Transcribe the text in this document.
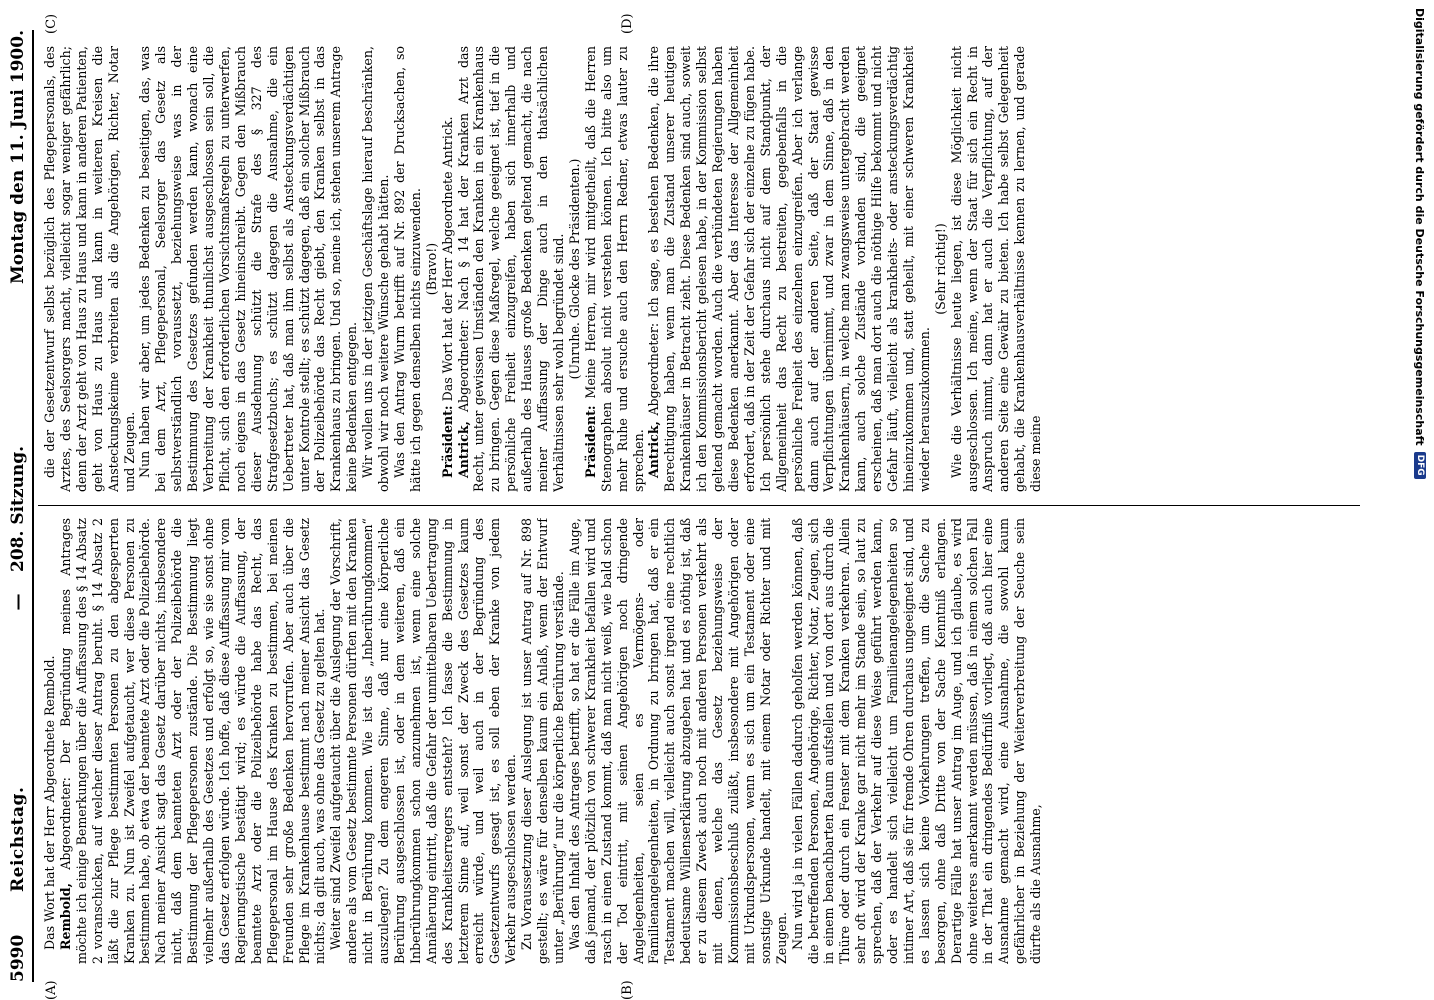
5990
Reichstag.
—
208. Sitzung.
Montag den 11. Juni 1900.
(A)	(B)
(C)	(D)

Das Wort hat der Herr Abgeordnete Rembold. Rembold, Abgeordneter: Der Begründung meines Antrages möchte ich einige Bemerkungen über die Auffassung des § 14 Absatz 2 voranschicken, auf welcher dieser Antrag beruht. § 14 Absatz 2 läßt die zur Pflege bestimmten Personen zu den abgesperrten Kranken zu. Nun ist Zweifel aufgetaucht, wer diese Personen zu bestimmen habe, ob etwa der beamtete Arzt oder die Polizeibehörde. Nach meiner Ansicht sagt das Gesetz darüber nichts, insbesondere nicht, daß dem beamteten Arzt oder der Polizeibehörde die Bestimmung der Pflegepersonen zustände. Die Bestimmung liegt vielmehr außerhalb des Gesetzes und erfolgt so, wie sie sonst ohne das Gesetz erfolgen würde. Ich hoffe, daß diese Auffassung mir vom Regierungstische bestätigt wird; es würde die Auffassung, der beamtete Arzt oder die Polizeibehörde habe das Recht, das Pflegepersonal im Hause des Kranken zu bestimmen, bei meinen Freunden sehr große Bedenken hervorrufen. Aber auch über die Pflege im Krankenhause bestimmt nach meiner Ansicht das Gesetz nichts; da gilt auch, was ohne das Gesetz zu gelten hat. Weiter sind Zweifel aufgetaucht über die Auslegung der Vorschrift, andere als vom Gesetz bestimmte Personen dürften mit den Kranken nicht in Berührung kommen. Wie ist das „Inberührungkommen“ auszulegen? Zu dem engeren Sinne, daß nur eine körperliche Berührung ausgeschlossen ist, oder in dem weiteren, daß ein Inberührungkommen schon anzunehmen ist, wenn eine solche Annäherung eintritt, daß die Gefahr der unmittelbaren Uebertragung des Krankheitserregers entsteht? Ich fasse die Bestimmung in letzterem Sinne auf, weil sonst der Zweck des Gesetzes kaum erreicht würde, und weil auch in der Begründung des Gesetzentwurfs gesagt ist, es soll eben der Kranke von jedem Verkehr ausgeschlossen werden. Zu Voraussetzung dieser Auslegung ist unser Antrag auf Nr. 898 gestellt; es wäre für denselben kaum ein Anlaß, wenn der Entwurf unter „Berührung“ nur die körperliche Berührung verstände. Was den Inhalt des Antrages betrifft, so hat er die Fälle im Auge, daß jemand, der plötzlich von schwerer Krankheit befallen wird und rasch in einen Zustand kommt, daß man nicht weiß, wie bald schon der Tod eintritt, mit seinen Angehörigen noch dringende Angelegenheiten, seien es Vermögens- oder Familienangelegenheiten, in Ordnung zu bringen hat, daß er ein Testament machen will, vielleicht auch sonst irgend eine rechtlich bedeutsame Willenserklärung abzugeben hat und es nöthig ist, daß er zu diesem Zweck auch noch mit anderen Personen verkehrt als mit denen, welche das Gesetz beziehungsweise der Kommissionsbeschluß zuläßt, insbesondere mit Angehörigen oder mit Urkundspersonen, wenn es sich um ein Testament oder eine sonstige Urkunde handelt, mit einem Notar oder Richter und mit Zeugen. Nun wird ja in vielen Fällen dadurch geholfen werden können, daß die betreffenden Personen, Angehörige, Richter, Notar, Zeugen, sich in einem benachbarten Raum aufstellen und von dort aus durch die Thüre oder durch ein Fenster mit dem Kranken verkehren. Allein sehr oft wird der Kranke gar nicht mehr im Stande sein, so laut zu sprechen, daß der Verkehr auf diese Weise geführt werden kann, oder es handelt sich vielleicht um Familienangelegenheiten so intimer Art, daß sie für fremde Ohren durchaus ungeeignet sind, und es lassen sich keine Vorkehrungen treffen, um die Sache zu besorgen, ohne daß Dritte von der Sache Kenntniß erlangen. Derartige Fälle hat unser Antrag im Auge, und ich glaube, es wird ohne weiteres anerkannt werden müssen, daß in einem solchen Fall in der That ein dringendes Bedürfniß vorliegt, daß auch hier eine Ausnahme gemacht wird, eine Ausnahme, die sowohl kaum gefährlicher in Beziehung der Weiterverbreitung der Seuche sein dürfte als die Ausnahme,

die der Gesetzentwurf selbst bezüglich des Pflegepersonals, des Arztes, des Seelsorgers macht, vielleicht sogar weniger gefährlich; denn der Arzt geht von Haus zu Haus und kann in anderen Patienten, geht von Haus zu Haus und kann in weiteren Kreisen die Ansteckungskeime verbreiten als die Angehörigen, Richter, Notar und Zeugen. Nun haben wir aber, um jedes Bedenken zu beseitigen, das, was bei dem Arzt, Pflegepersonal, Seelsorger das Gesetz als selbstverständlich voraussetzt, beziehungsweise was in der Bestimmung des Gesetzes gefunden werden kann, wonach eine Verbreitung der Krankheit thunlichst ausgeschlossen sein soll, die Pflicht, sich den erforderlichen Vorsichtsmaßregeln zu unterwerfen, noch eigens in das Gesetz hineinschreibt. Gegen den Mißbrauch dieser Ausdehnung schützt die Strafe des § 327 des Strafgesetzbuchs; es schützt dagegen die Ausnahme, die ein Uebertreter hat, daß man ihm selbst als Ansteckungsverdächtigen unter Kontrole stellt; es schützt dagegen, daß ein solcher Mißbrauch der Polizeibehörde das Recht giebt, den Kranken selbst in das Krankenhaus zu bringen. Und so, meine ich, stehen unserem Antrage keine Bedenken entgegen. Wir wollen uns in der jetzigen Geschäftslage hierauf beschränken, obwohl wir noch weitere Wünsche gehabt hätten. Was den Antrag Wurm betrifft auf Nr. 892 der Drucksachen, so hätte ich gegen denselben nichts einzuwenden. (Bravo!)

Präsident: Das Wort hat der Herr Abgeordnete Antrick.

Antrick, Abgeordneter: Nach § 14 hat der Kranken Arzt das Recht, unter gewissen Umständen den Kranken in ein Krankenhaus zu bringen. Gegen diese Maßregel, welche geeignet ist, tief in die persönliche Freiheit einzugreifen, haben sich innerhalb und außerhalb des Hauses große Bedenken geltend gemacht, die nach meiner Auffassung der Dinge auch in den thatsächlichen Verhältnissen sehr wohl begründet sind. (Unruhe. Glocke des Präsidenten.)

Präsident: Meine Herren, mir wird mitgetheilt, daß die Herren Stenographen absolut nicht verstehen können. Ich bitte also um mehr Ruhe und ersuche auch den Herrn Redner, etwas lauter zu sprechen. Antrick, Abgeordneter: Ich sage, es bestehen Bedenken, die ihre Berechtigung haben, wenn man die Zustand unserer heutigen Krankenhäuser in Betracht zieht. Diese Bedenken sind auch, soweit ich den Kommissionsbericht gelesen habe, in der Kommission selbst geltend gemacht worden. Auch die verbündeten Regierungen haben diese Bedenken anerkannt. Aber das Interesse der Allgemeinheit erfordert, daß in der Zeit der Gefahr sich der einzelne zu fügen habe. Ich persönlich stehe durchaus nicht auf dem Standpunkt, der Allgemeinheit das Recht zu bestreiten, gegebenfalls in die persönliche Freiheit des einzelnen einzugreifen. Aber ich verlange dann auch auf der anderen Seite, daß der Staat gewisse Verpflichtungen übernimmt, und zwar in dem Sinne, daß in den Krankenhäusern, in welche man zwangsweise untergebracht werden kann, auch solche Zustände vorhanden sind, die geeignet erscheinen, daß man dort auch die nöthige Hilfe bekommt und nicht Gefahr läuft, vielleicht als krankheits- oder ansteckungsverdächtig hineinzukommen und, statt geheilt, mit einer schweren Krankheit wieder herauszukommen.

(Sehr richtig!) Wie die Verhältnisse heute liegen, ist diese Möglichkeit nicht ausgeschlossen. Ich meine, wenn der Staat für sich ein Recht in Anspruch nimmt, dann hat er auch die Verpflichtung, auf der anderen Seite eine Gewähr zu bieten. Ich habe selbst Gelegenheit gehabt, die Krankenhausverhältnisse kennen zu lernen, und gerade diese meine

Digitalisierung gefördert durch die Deutsche Forschungsgemeinschaft
DFG
